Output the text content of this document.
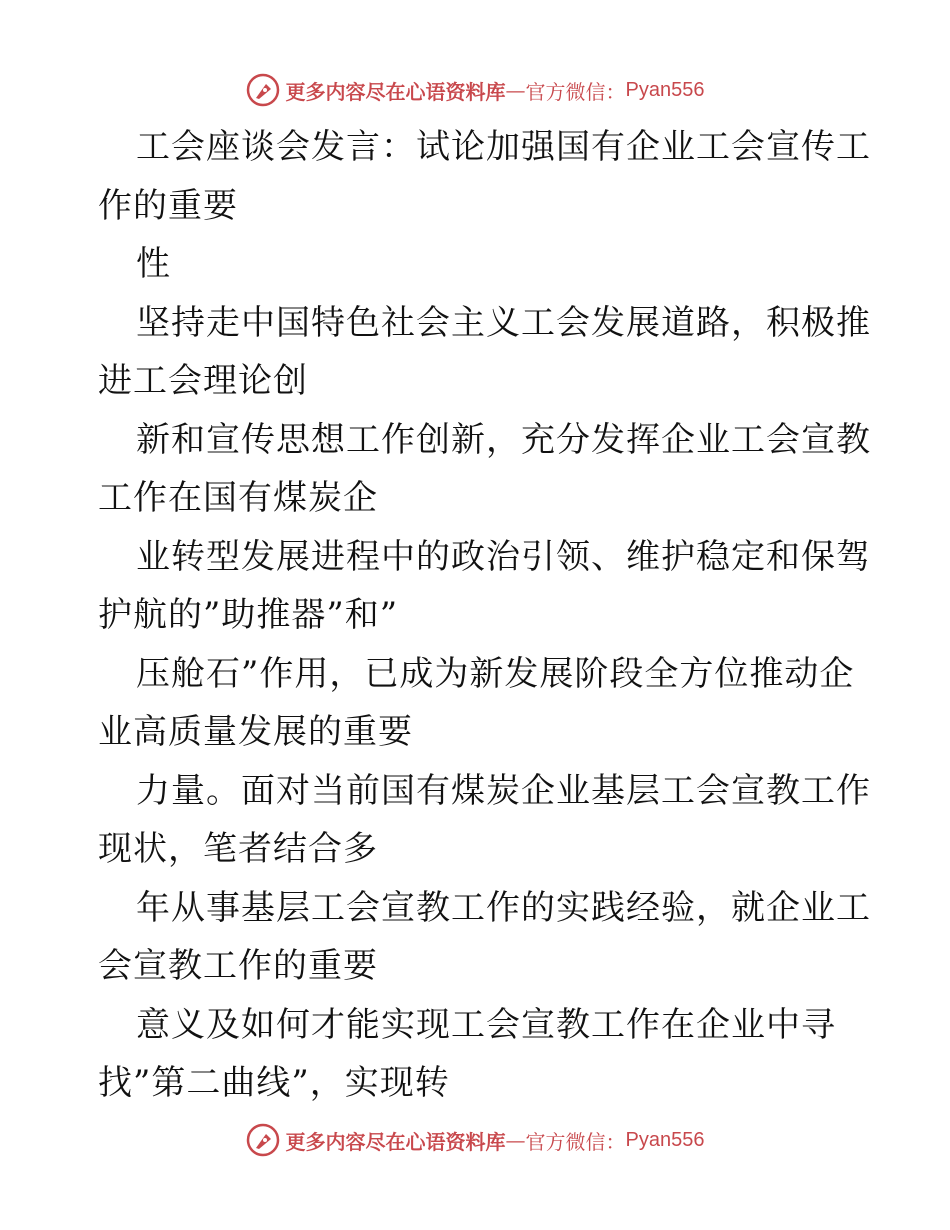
更多内容尽在心语资料库 — 官方微信： Pyan556
工会座谈会发言：试论加强国有企业工会宣传工
作的重要
性
坚持走中国特色社会主义工会发展道路，积极推
进工会理论创
新和宣传思想工作创新，充分发挥企业工会宣教
工作在国有煤炭企
业转型发展进程中的政治引领、维护稳定和保驾
护航的”助推器”和”
压舱石”作用，已成为新发展阶段全方位推动企
业高质量发展的重要
力量。面对当前国有煤炭企业基层工会宣教工作
现状，笔者结合多
年从事基层工会宣教工作的实践经验，就企业工
会宣教工作的重要
意义及如何才能实现工会宣教工作在企业中寻
找”第二曲线”，实现转
更多内容尽在心语资料库 — 官方微信： Pyan556
